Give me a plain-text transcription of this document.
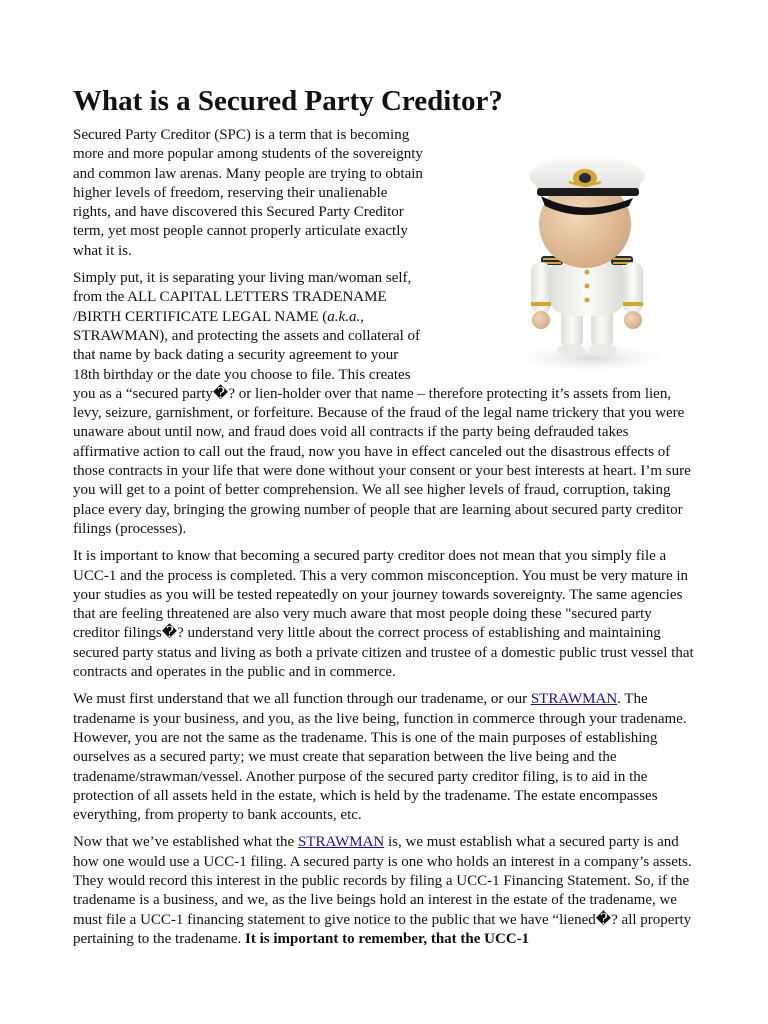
What is a Secured Party Creditor?

Secured Party Creditor (SPC) is a term that is becoming more and more popular among students of the sovereignty and common law arenas. Many people are trying to obtain higher levels of freedom, reserving their unalienable rights, and have discovered this Secured Party Creditor term, yet most people cannot properly articulate exactly what it is.

Simply put, it is separating your living man/woman self, from the ALL CAPITAL LETTERS TRADENAME /BIRTH CERTIFICATE LEGAL NAME (a.k.a., STRAWMAN), and protecting the assets and collateral of that name by back dating a security agreement to your 18th birthday or the date you choose to file. This creates you as a “secured party�? or lien-holder over that name – therefore protecting it’s assets from lien, levy, seizure, garnishment, or forfeiture. Because of the fraud of the legal name trickery that you were unaware about until now, and fraud does void all contracts if the party being defrauded takes affirmative action to call out the fraud, now you have in effect canceled out the disastrous effects of those contracts in your life that were done without your consent or your best interests at heart. I’m sure you will get to a point of better comprehension. We all see higher levels of fraud, corruption, taking place every day, bringing the growing number of people that are learning about secured party creditor filings (processes).

It is important to know that becoming a secured party creditor does not mean that you simply file a UCC-1 and the process is completed. This a very common misconception. You must be very mature in your studies as you will be tested repeatedly on your journey towards sovereignty. The same agencies that are feeling threatened are also very much aware that most people doing these "secured party creditor filings�? understand very little about the correct process of establishing and maintaining secured party status and living as both a private citizen and trustee of a domestic public trust vessel that contracts and operates in the public and in commerce.

We must first understand that we all function through our tradename, or our STRAWMAN. The tradename is your business, and you, as the live being, function in commerce through your tradename. However, you are not the same as the tradename. This is one of the main purposes of establishing ourselves as a secured party; we must create that separation between the live being and the tradename/strawman/vessel. Another purpose of the secured party creditor filing, is to aid in the protection of all assets held in the estate, which is held by the tradename. The estate encompasses everything, from property to bank accounts, etc.

Now that we’ve established what the STRAWMAN is, we must establish what a secured party is and how one would use a UCC-1 filing. A secured party is one who holds an interest in a company’s assets. They would record this interest in the public records by filing a UCC-1 Financing Statement. So, if the tradename is a business, and we, as the live beings hold an interest in the estate of the tradename, we must file a UCC-1 financing statement to give notice to the public that we have “liened�? all property pertaining to the tradename. It is important to remember, that the UCC-1
